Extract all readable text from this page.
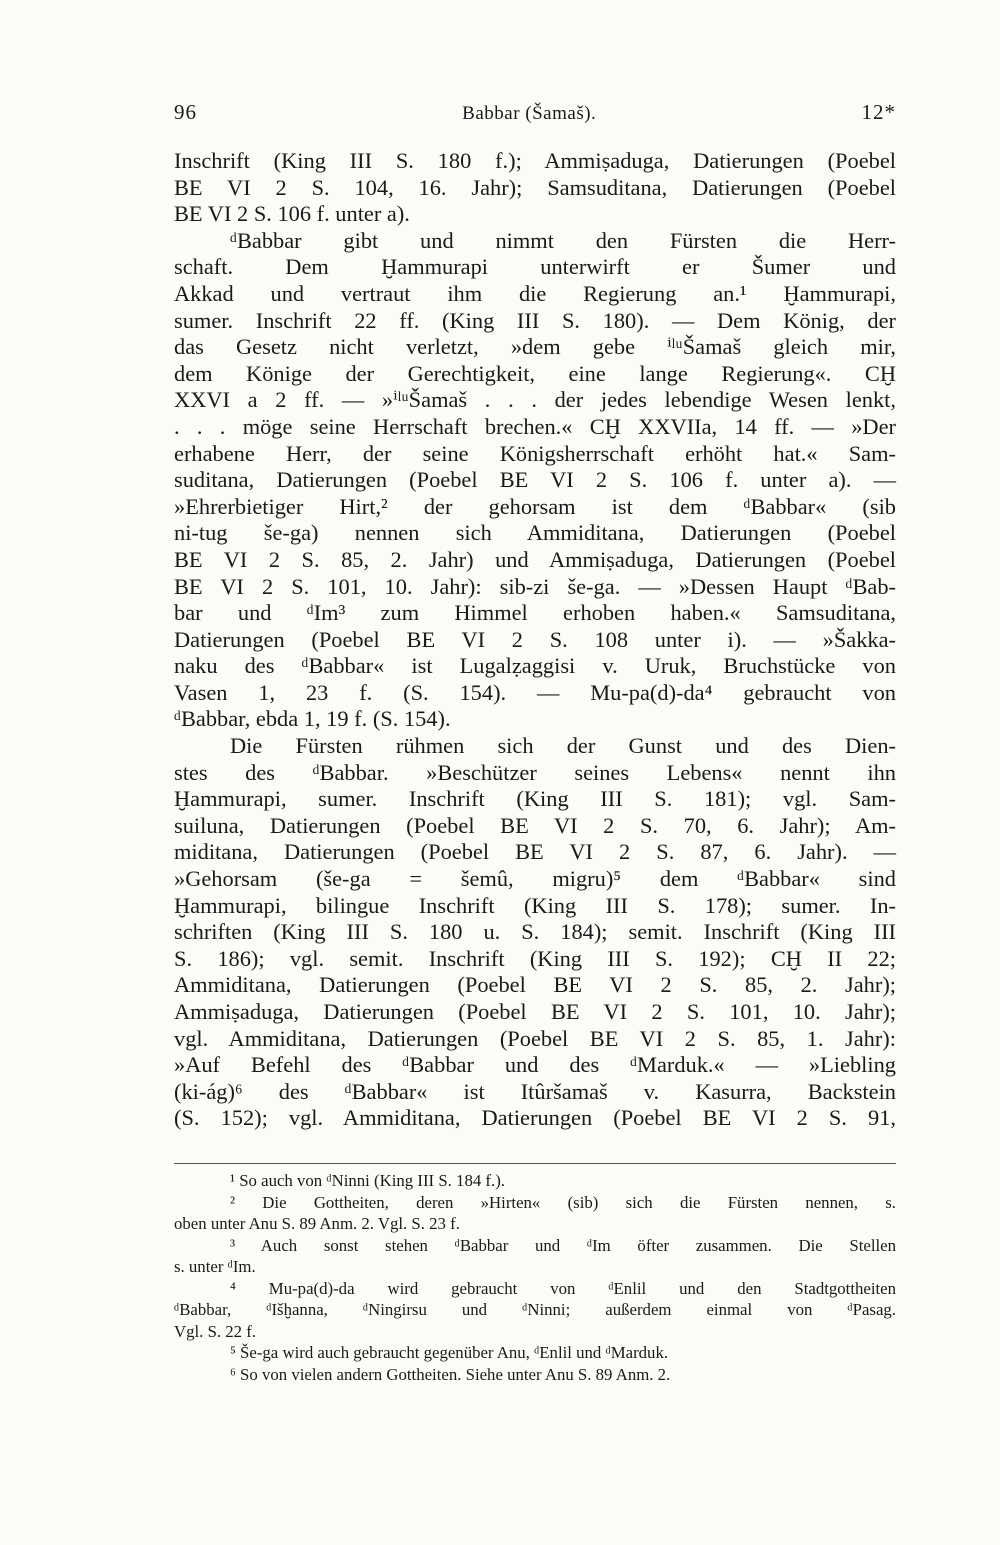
96	Babbar (Šamaš).	12*
Inschrift (King III S. 180 f.); Ammiṣaduga, Datierungen (Poebel
BE VI 2 S. 104, 16. Jahr); Samsuditana, Datierungen (Poebel
BE VI 2 S. 106 f. unter a).
ᵈBabbar gibt und nimmt den Fürsten die Herr-
schaft. Dem Ḫammurapi unterwirft er Šumer und
Akkad und vertraut ihm die Regierung an.¹ Ḫammurapi,
sumer. Inschrift 22 ff. (King III S. 180). — Dem König, der
das Gesetz nicht verletzt, »dem gebe ⁱˡᵘŠamaš gleich mir,
dem Könige der Gerechtigkeit, eine lange Regierung«. CḪ
XXVI a 2 ff. — »ⁱˡᵘŠamaš . . . der jedes lebendige Wesen lenkt,
. . . möge seine Herrschaft brechen.« CḪ XXVIIa, 14 ff. — »Der
erhabene Herr, der seine Königsherrschaft erhöht hat.« Sam-
suditana, Datierungen (Poebel BE VI 2 S. 106 f. unter a). —
»Ehrerbietiger Hirt,² der gehorsam ist dem ᵈBabbar« (sib
ni-tug še-ga) nennen sich Ammiditana, Datierungen (Poebel
BE VI 2 S. 85, 2. Jahr) und Ammiṣaduga, Datierungen (Poebel
BE VI 2 S. 101, 10. Jahr): sib-zi še-ga. — »Dessen Haupt ᵈBab-
bar und ᵈIm³ zum Himmel erhoben haben.« Samsuditana,
Datierungen (Poebel BE VI 2 S. 108 unter i). — »Šakka-
naku des ᵈBabbar« ist Lugalẓaggisi v. Uruk, Bruchstücke von
Vasen 1, 23 f. (S. 154). — Mu-pa(d)-da⁴ gebraucht von
ᵈBabbar, ebda 1, 19 f. (S. 154).
Die Fürsten rühmen sich der Gunst und des Dien-
stes des ᵈBabbar. »Beschützer seines Lebens« nennt ihn
Ḫammurapi, sumer. Inschrift (King III S. 181); vgl. Sam-
suiluna, Datierungen (Poebel BE VI 2 S. 70, 6. Jahr); Am-
miditana, Datierungen (Poebel BE VI 2 S. 87, 6. Jahr). —
»Gehorsam (še-ga = šemû, migru)⁵ dem ᵈBabbar« sind
Ḫammurapi, bilingue Inschrift (King III S. 178); sumer. In-
schriften (King III S. 180 u. S. 184); semit. Inschrift (King III
S. 186); vgl. semit. Inschrift (King III S. 192); CḪ II 22;
Ammiditana, Datierungen (Poebel BE VI 2 S. 85, 2. Jahr);
Ammiṣaduga, Datierungen (Poebel BE VI 2 S. 101, 10. Jahr);
vgl. Ammiditana, Datierungen (Poebel BE VI 2 S. 85, 1. Jahr):
»Auf Befehl des ᵈBabbar und des ᵈMarduk.« — »Liebling
(ki-ág)⁶ des ᵈBabbar« ist Itûršamaš v. Kasurra, Backstein
(S. 152); vgl. Ammiditana, Datierungen (Poebel BE VI 2 S. 91,
¹ So auch von ᵈNinni (King III S. 184 f.).
² Die Gottheiten, deren »Hirten« (sib) sich die Fürsten nennen, s.
oben unter Anu S. 89 Anm. 2. Vgl. S. 23 f.
³ Auch sonst stehen ᵈBabbar und ᵈIm öfter zusammen. Die Stellen
s. unter ᵈIm.
⁴ Mu-pa(d)-da wird gebraucht von ᵈEnlil und den Stadtgottheiten
ᵈBabbar, ᵈIšḫanna, ᵈNingirsu und ᵈNinni; außerdem einmal von ᵈPasag.
Vgl. S. 22 f.
⁵ Še-ga wird auch gebraucht gegenüber Anu, ᵈEnlil und ᵈMarduk.
⁶ So von vielen andern Gottheiten. Siehe unter Anu S. 89 Anm. 2.
